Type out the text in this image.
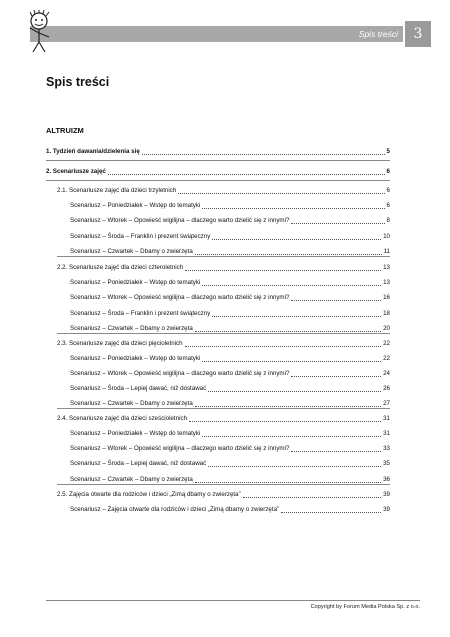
Spis treści	3
Spis treści
ALTRUIZM
1. Tydzień dawania/dzielenia się	5
2. Scenariusze zajęć	6
2.1. Scenariusze zajęć dla dzieci trzyletnich	6
Scenariusz – Poniedziałek – Wstęp do tematyki	6
Scenariusz – Wtorek – Opowieść wigilijna – dlaczego warto dzielić się z innymi?	8
Scenariusz – Środa – Franklin i prezent świąteczny	10
Scenariusz – Czwartek – Dbamy o zwierzęta	11
2.2. Scenariusze zajęć dla dzieci czteroletnich	13
Scenariusz – Poniedziałek – Wstęp do tematyki	13
Scenariusz – Wtorek – Opowieść wigilijna – dlaczego warto dzielić się z innymi?	16
Scenariusz – Środa – Franklin i prezent świąteczny	18
Scenariusz – Czwartek – Dbamy o zwierzęta	20
2.3. Scenariusze zajęć dla dzieci pięcioletnich	22
Scenariusz – Poniedziałek – Wstęp do tematyki	22
Scenariusz – Wtorek – Opowieść wigilijna – dlaczego warto dzielić się z innymi?	24
Scenariusz – Środa – Lepiej dawać, niż dostawać	26
Scenariusz – Czwartek – Dbamy o zwierzęta	27
2.4. Scenariusze zajęć dla dzieci sześcioletnich	31
Scenariusz – Poniedziałek – Wstęp do tematyki	31
Scenariusz – Wtorek – Opowieść wigilijna – dlaczego warto dzielić się z innymi?	33
Scenariusz – Środa – Lepiej dawać, niż dostawać	35
Scenariusz – Czwartek – Dbamy o zwierzęta	36
2.5. Zajęcia otwarte dla rodziców i dzieci „Zimą dbamy o zwierzęta”	39
Scenariusz – Zajęcia otwarte dla rodziców i dzieci „Zimą dbamy o zwierzęta”	39
Copyright by Forum Media Polska Sp. z o.o.
